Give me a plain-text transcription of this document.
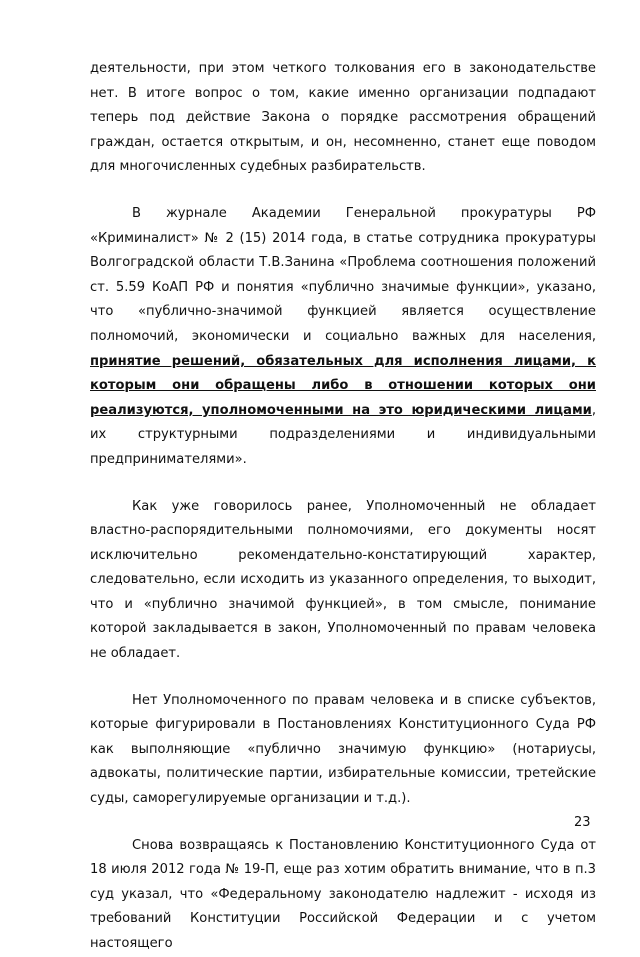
деятельности, при этом четкого толкования его в законодательстве нет. В итоге вопрос о том, какие именно организации подпадают теперь под действие Закона о порядке рассмотрения обращений граждан, остается открытым, и он, несомненно, станет еще поводом для многочисленных судебных разбирательств.

В журнале Академии Генеральной прокуратуры РФ «Криминалист» № 2 (15) 2014 года, в статье сотрудника прокуратуры Волгоградской области Т.В.Занина «Проблема соотношения положений ст. 5.59 КоАП РФ и понятия «публично значимые функции», указано, что «публично-значимой функцией является осуществление полномочий, экономически и социально важных для населения, принятие решений, обязательных для исполнения лицами, к которым они обращены либо в отношении которых они реализуются, уполномоченными на это юридическими лицами, их структурными подразделениями и индивидуальными предпринимателями».

Как уже говорилось ранее, Уполномоченный не обладает властно-распорядительными полномочиями, его документы носят исключительно рекомендательно-констатирующий характер, следовательно, если исходить из указанного определения, то выходит, что и «публично значимой функцией», в том смысле, понимание которой закладывается в закон, Уполномоченный по правам человека не обладает.

Нет Уполномоченного по правам человека и в списке субъектов, которые фигурировали в Постановлениях Конституционного Суда РФ как выполняющие «публично значимую функцию» (нотариусы, адвокаты, политические партии, избирательные комиссии, третейские суды, саморегулируемые организации и т.д.).

Снова возвращаясь к Постановлению Конституционного Суда от 18 июля 2012 года № 19-П, еще раз хотим обратить внимание, что в п.3 суд указал, что «Федеральному законодателю надлежит - исходя из требований Конституции Российской Федерации и с учетом настоящего

23
